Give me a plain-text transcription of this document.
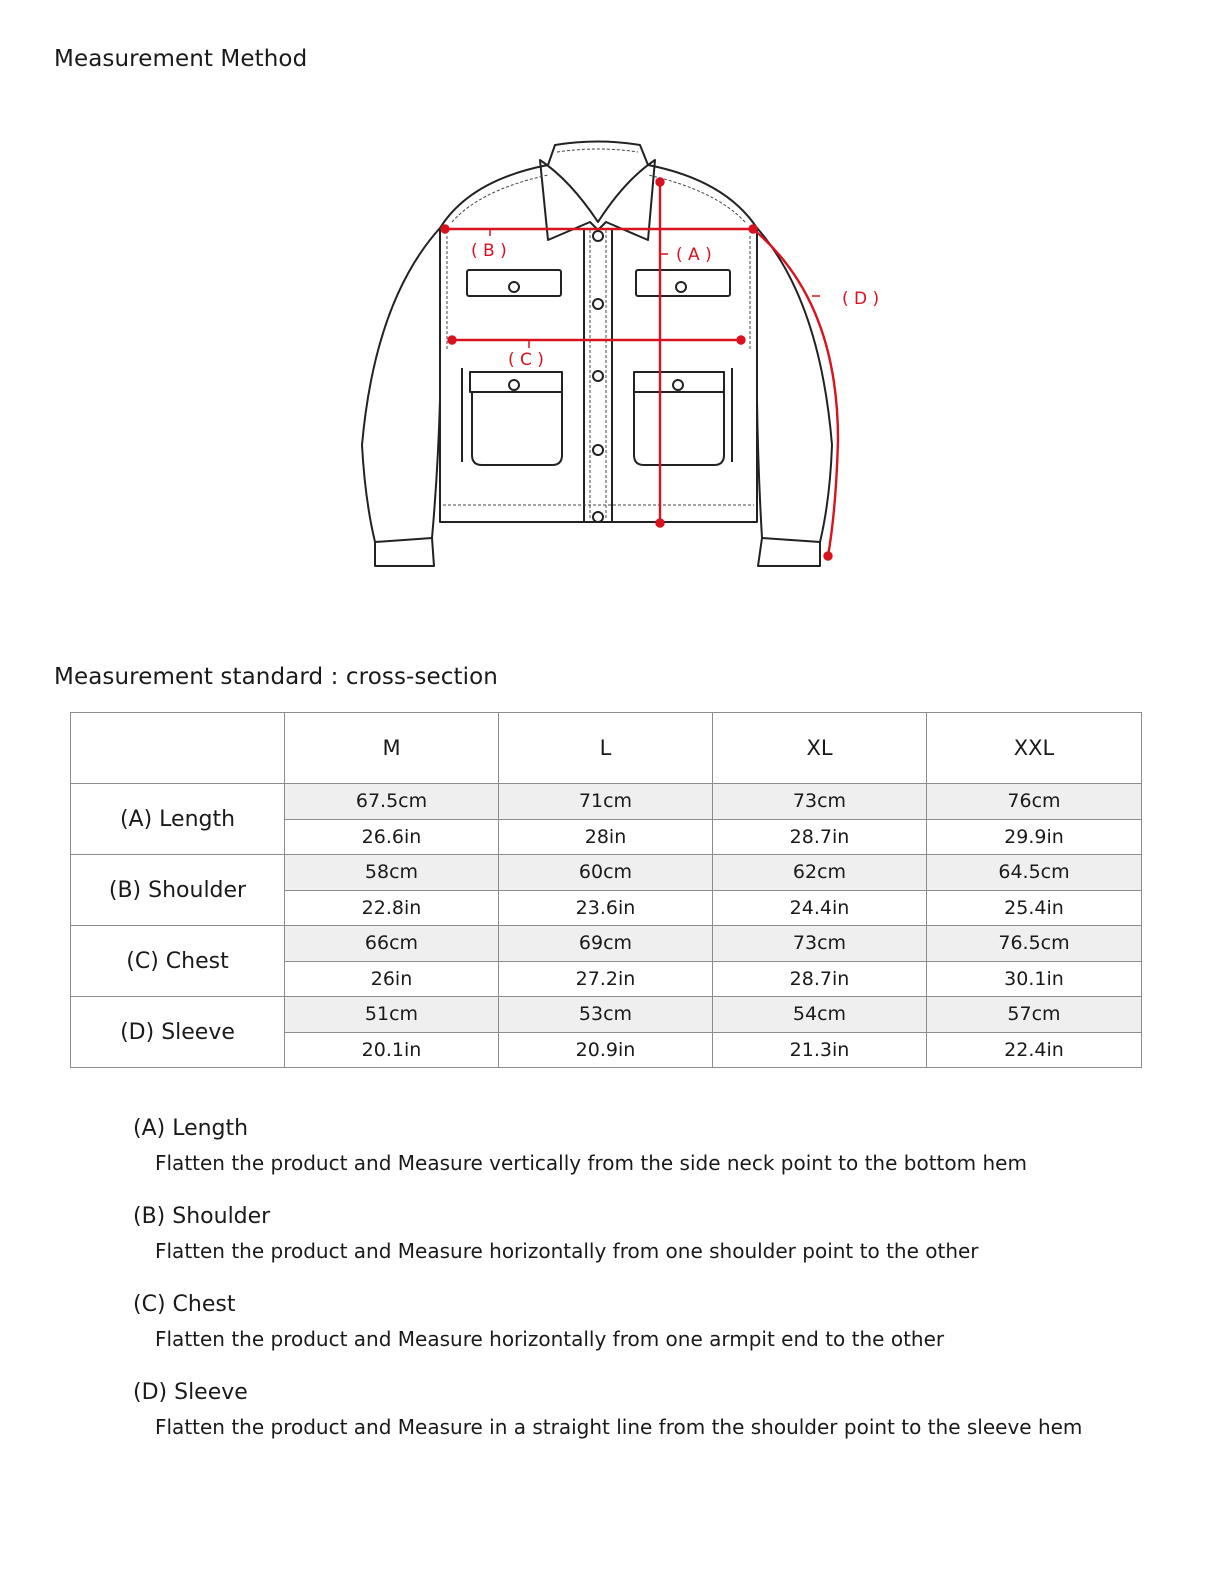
Measurement Method
( B )
( C )
( A )
( D )
Measurement standard : cross-section
	M	L	XL	XXL
(A) Length	67.5cm	71cm	73cm	76cm
	26.6in	28in	28.7in	29.9in
(B) Shoulder	58cm	60cm	62cm	64.5cm
	22.8in	23.6in	24.4in	25.4in
(C) Chest	66cm	69cm	73cm	76.5cm
	26in	27.2in	28.7in	30.1in
(D) Sleeve	51cm	53cm	54cm	57cm
	20.1in	20.9in	21.3in	22.4in

(A) Length

Flatten the product and Measure vertically from the side neck point to the bottom hem

(B) Shoulder

Flatten the product and Measure horizontally from one shoulder point to the other

(C) Chest

Flatten the product and Measure horizontally from one armpit end to the other

(D) Sleeve

Flatten the product and Measure in a straight line from the shoulder point to the sleeve hem
